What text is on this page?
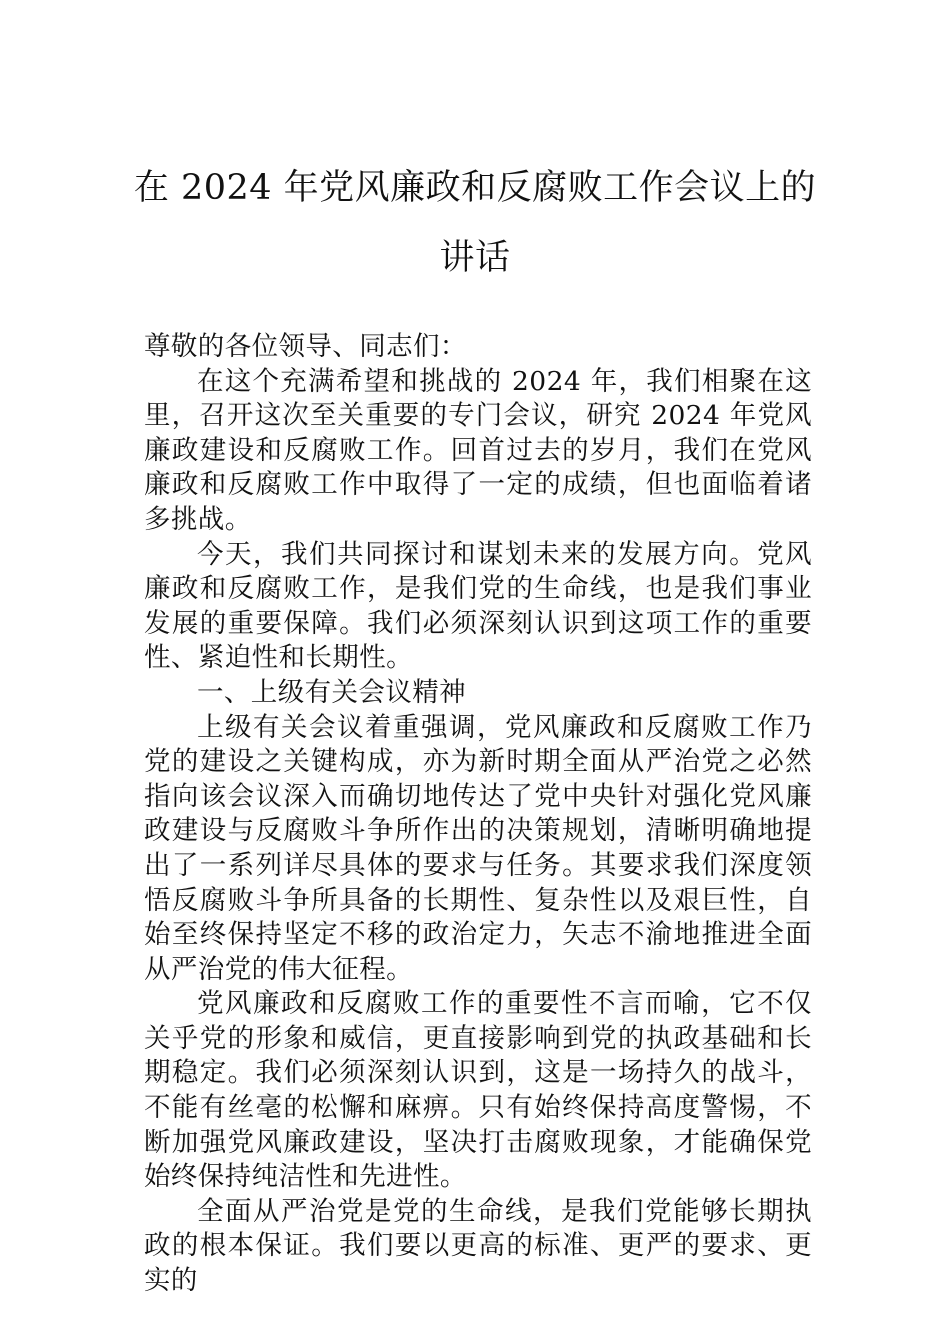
在 2024 年党风廉政和反腐败工作会议上的
讲话

尊敬的各位领导、同志们：

在这个充满希望和挑战的 2024 年，我们相聚在这里，召开这次至关重要的专门会议，研究 2024 年党风廉政建设和反腐败工作。回首过去的岁月，我们在党风廉政和反腐败工作中取得了一定的成绩，但也面临着诸多挑战。

今天，我们共同探讨和谋划未来的发展方向。党风廉政和反腐败工作，是我们党的生命线，也是我们事业发展的重要保障。我们必须深刻认识到这项工作的重要性、紧迫性和长期性。

一、上级有关会议精神

上级有关会议着重强调，党风廉政和反腐败工作乃党的建设之关键构成，亦为新时期全面从严治党之必然指向该会议深入而确切地传达了党中央针对强化党风廉政建设与反腐败斗争所作出的决策规划，清晰明确地提出了一系列详尽具体的要求与任务。其要求我们深度领悟反腐败斗争所具备的长期性、复杂性以及艰巨性，自始至终保持坚定不移的政治定力，矢志不渝地推进全面从严治党的伟大征程。

党风廉政和反腐败工作的重要性不言而喻，它不仅关乎党的形象和威信，更直接影响到党的执政基础和长期稳定。我们必须深刻认识到，这是一场持久的战斗，不能有丝毫的松懈和麻痹。只有始终保持高度警惕，不断加强党风廉政建设，坚决打击腐败现象，才能确保党始终保持纯洁性和先进性。

全面从严治党是党的生命线，是我们党能够长期执政的根本保证。我们要以更高的标准、更严的要求、更实的
